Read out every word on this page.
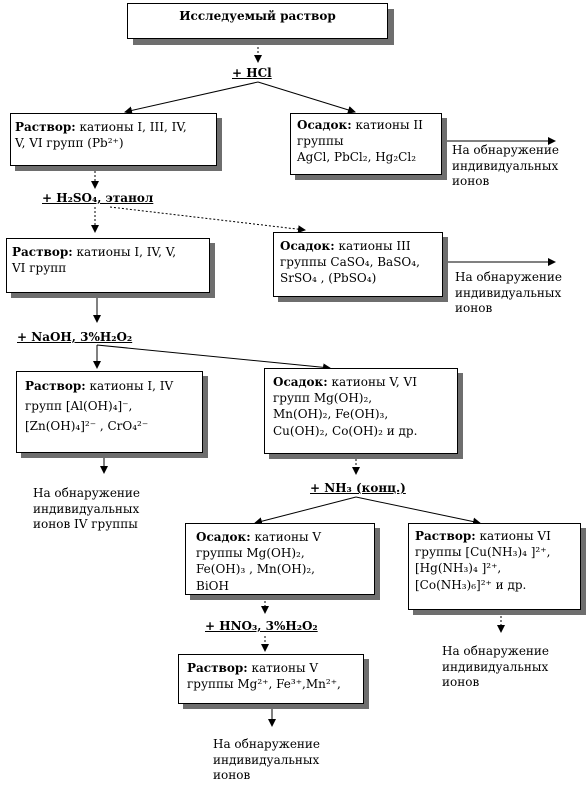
Исследуемый раствор
+ HCl
+ H₂SO₄, этанол
+ NaOH, 3%H₂O₂
+ NH₃ (конц.)
+ HNO₃, 3%H₂O₂
Раствор: катионы I, III, IV,
V, VI групп (Pb²⁺)
Осадок: катионы II
группы
AgCl, PbCl₂, Hg₂Cl₂
Раствор: катионы I, IV, V,
VI групп
Осадок: катионы III
группы CaSO₄, BaSO₄,
SrSO₄ , (PbSO₄)
Раствор: катионы I, IV
групп [Al(OH)₄]⁻,
[Zn(OH)₄]²⁻ , CrO₄²⁻
Осадок: катионы V, VI
групп Mg(OH)₂,
Mn(OH)₂, Fe(OH)₃,
Cu(OH)₂, Co(OH)₂ и др.
Осадок: катионы V
группы Mg(OH)₂,
Fe(OH)₃ , Mn(OH)₂,
ВiOН
Раствор: катионы VI
группы [Cu(NH₃)₄ ]²⁺,
[Hg(NH₃)₄ ]²⁺,
[Co(NH₃)₆]²⁺ и др.
Раствор: катионы V
группы Mg²⁺, Fe³⁺,Mn²⁺,
На обнаружение
индивидуальных
ионов
На обнаружение
индивидуальных
ионов
На обнаружение
индивидуальных
ионов IV группы
На обнаружение
индивидуальных
ионов
На обнаружение
индивидуальных
ионов
